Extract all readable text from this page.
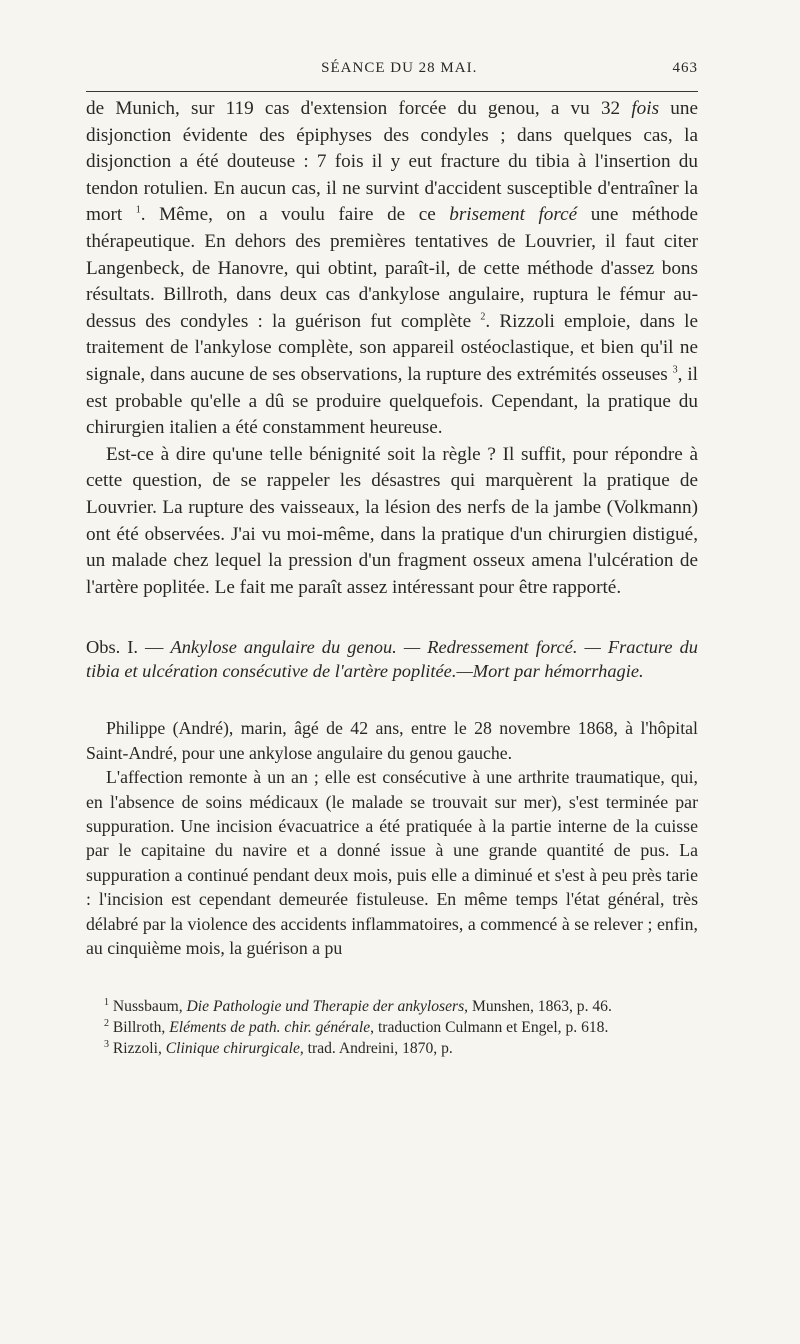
SÉANCE DU 28 MAI.	463

de Munich, sur 119 cas d'extension forcée du genou, a vu 32 fois une disjonction évidente des épiphyses des condyles ; dans quelques cas, la disjonction a été douteuse : 7 fois il y eut fracture du tibia à l'insertion du tendon rotulien. En aucun cas, il ne survint d'accident susceptible d'entraîner la mort $^1$. Même, on a voulu faire de ce brisement forcé une méthode thérapeutique. En dehors des premières tentatives de Louvrier, il faut citer Langenbeck, de Hanovre, qui obtint, paraît-il, de cette méthode d'assez bons résultats. Billroth, dans deux cas d'ankylose angulaire, ruptura le fémur au-dessus des condyles : la guérison fut complète $^2$. Rizzoli emploie, dans le traitement de l'ankylose complète, son appareil ostéoclastique, et bien qu'il ne signale, dans aucune de ses observations, la rupture des extrémités osseuses $^3$, il est probable qu'elle a dû se produire quelquefois. Cependant, la pratique du chirurgien italien a été constamment heureuse.

Est-ce à dire qu'une telle bénignité soit la règle ? Il suffit, pour répondre à cette question, de se rappeler les désastres qui marquèrent la pratique de Louvrier. La rupture des vaisseaux, la lésion des nerfs de la jambe (Volkmann) ont été observées. J'ai vu moi-même, dans la pratique d'un chirurgien distigué, un malade chez lequel la pression d'un fragment osseux amena l'ulcération de l'artère poplitée. Le fait me paraît assez intéressant pour être rapporté.

Obs. I. — Ankylose angulaire du genou. — Redressement forcé. — Fracture du tibia et ulcération consécutive de l'artère poplitée.—Mort par hémorrhagie.

Philippe (André), marin, âgé de 42 ans, entre le 28 novembre 1868, à l'hôpital Saint-André, pour une ankylose angulaire du genou gauche.

L'affection remonte à un an ; elle est consécutive à une arthrite traumatique, qui, en l'absence de soins médicaux (le malade se trouvait sur mer), s'est terminée par suppuration. Une incision évacuatrice a été pratiquée à la partie interne de la cuisse par le capitaine du navire et a donné issue à une grande quantité de pus. La suppuration a continué pendant deux mois, puis elle a diminué et s'est à peu près tarie : l'incision est cependant demeurée fistuleuse. En même temps l'état général, très délabré par la violence des accidents inflammatoires, a commencé à se relever ; enfin, au cinquième mois, la guérison a pu

$^1$ Nussbaum, Die Pathologie und Therapie der ankylosers, Munshen, 1863, p. 46.

$^2$ Billroth, Eléments de path. chir. générale, traduction Culmann et Engel, p. 618.

$^3$ Rizzoli, Clinique chirurgicale, trad. Andreini, 1870, p.
